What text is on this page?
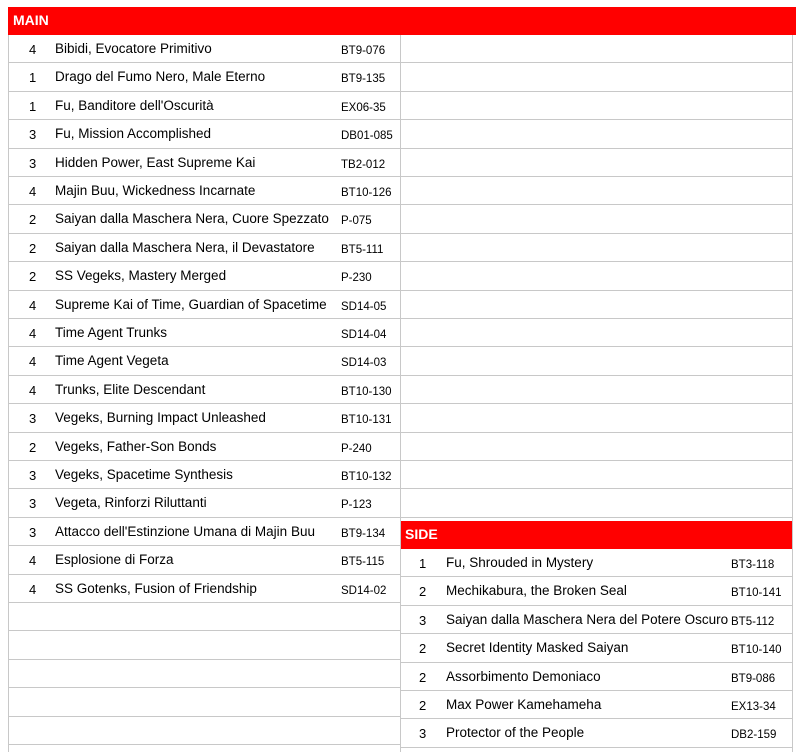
MAIN
4 Bibidi, Evocatore Primitivo	BT9-076
1 Drago del Fumo Nero, Male Eterno	BT9-135
1 Fu, Banditore dell'Oscurità	EX06-35
3 Fu, Mission Accomplished	DB01-085
3 Hidden Power, East Supreme Kai	TB2-012
4 Majin Buu, Wickedness Incarnate	BT10-126
2 Saiyan dalla Maschera Nera, Cuore Spezzato P-075
2 Saiyan dalla Maschera Nera, il Devastatore BT5-111
2 SS Vegeks, Mastery Merged	P-230
4 Supreme Kai of Time, Guardian of Spacetime SD14-05
4 Time Agent Trunks	SD14-04
4 Time Agent Vegeta	SD14-03
4 Trunks, Elite Descendant	BT10-130
3 Vegeks, Burning Impact Unleashed	BT10-131
2 Vegeks, Father-Son Bonds	P-240
3 Vegeks, Spacetime Synthesis	BT10-132
3 Vegeta, Rinforzi Riluttanti	P-123
3 Attacco dell'Estinzione Umana di Majin Buu BT9-134
4 Esplosione di Forza	BT5-115
4 SS Gotenks, Fusion of Friendship	SD14-02
SIDE
1 Fu, Shrouded in Mystery	BT3-118
2 Mechikabura, the Broken Seal	BT10-141
3 Saiyan dalla Maschera Nera del Potere Oscuro BT5-112
2 Secret Identity Masked Saiyan	BT10-140
2 Assorbimento Demoniaco	BT9-086
2 Max Power Kamehameha	EX13-34
3 Protector of the People	DB2-159
